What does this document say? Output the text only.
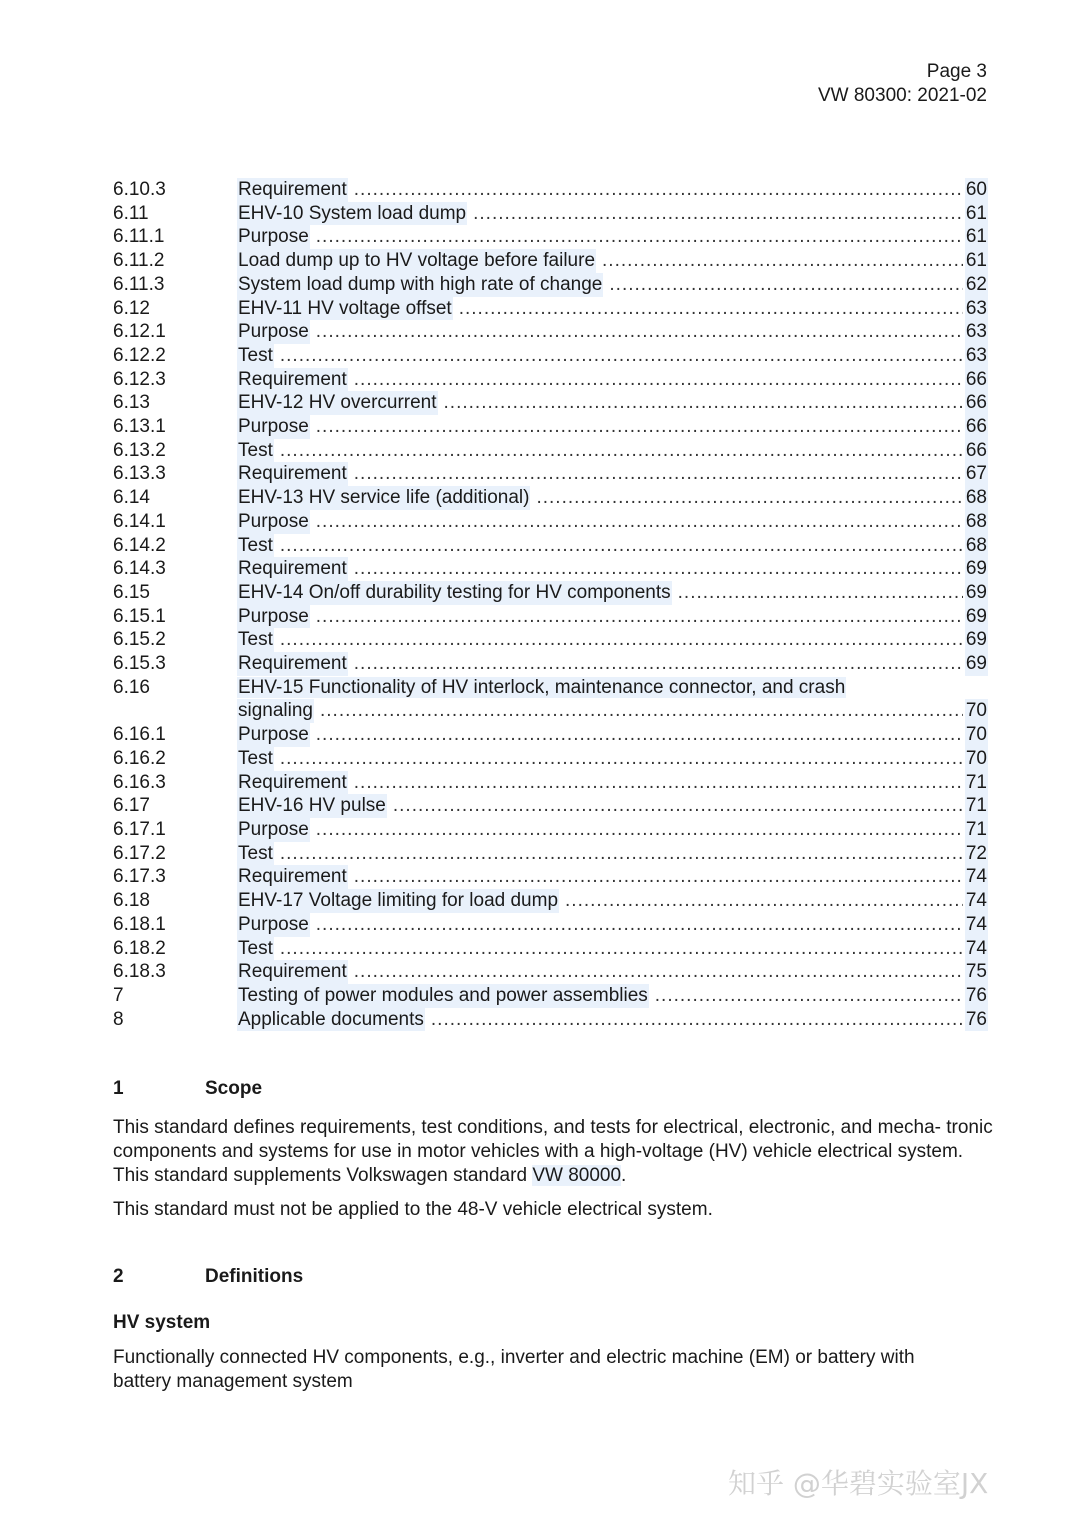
Page 3
VW 80300: 2021-02
6.10.3	Requirement .....	60
6.11	EHV-10 System load dump .....	61
6.11.1	Purpose .....	61
6.11.2	Load dump up to HV voltage before failure .....	61
6.11.3	System load dump with high rate of change .....	62
6.12	EHV-11 HV voltage offset .....	63
6.12.1	Purpose .....	63
6.12.2	Test .....	63
6.12.3	Requirement .....	66
6.13	EHV-12 HV overcurrent .....	66
6.13.1	Purpose .....	66
6.13.2	Test .....	66
6.13.3	Requirement .....	67
6.14	EHV-13 HV service life (additional) .....	68
6.14.1	Purpose .....	68
6.14.2	Test .....	68
6.14.3	Requirement .....	69
6.15	EHV-14 On/off durability testing for HV components .....	69
6.15.1	Purpose .....	69
6.15.2	Test .....	69
6.15.3	Requirement .....	69
6.16	EHV-15 Functionality of HV interlock, maintenance connector, and crash
signaling .....	70
6.16.1	Purpose .....	70
6.16.2	Test .....	70
6.16.3	Requirement .....	71
6.17	EHV-16 HV pulse .....	71
6.17.1	Purpose .....	71
6.17.2	Test .....	72
6.17.3	Requirement .....	74
6.18	EHV-17 Voltage limiting for load dump .....	74
6.18.1	Purpose .....	74
6.18.2	Test .....	74
6.18.3	Requirement .....	75
7	Testing of power modules and power assemblies .....	76
8	Applicable documents .....	76
1	Scope

This standard defines requirements, test conditions, and tests for electrical, electronic, and mecha- tronic components and systems for use in motor vehicles with a high-voltage (HV) vehicle electrical system. This standard supplements Volkswagen standard VW 80000.

This standard must not be applied to the 48-V vehicle electrical system.

2	Definitions
HV system

Functionally connected HV components, e.g., inverter and electric machine (EM) or battery with battery management system

知乎 @华碧实验室JX
